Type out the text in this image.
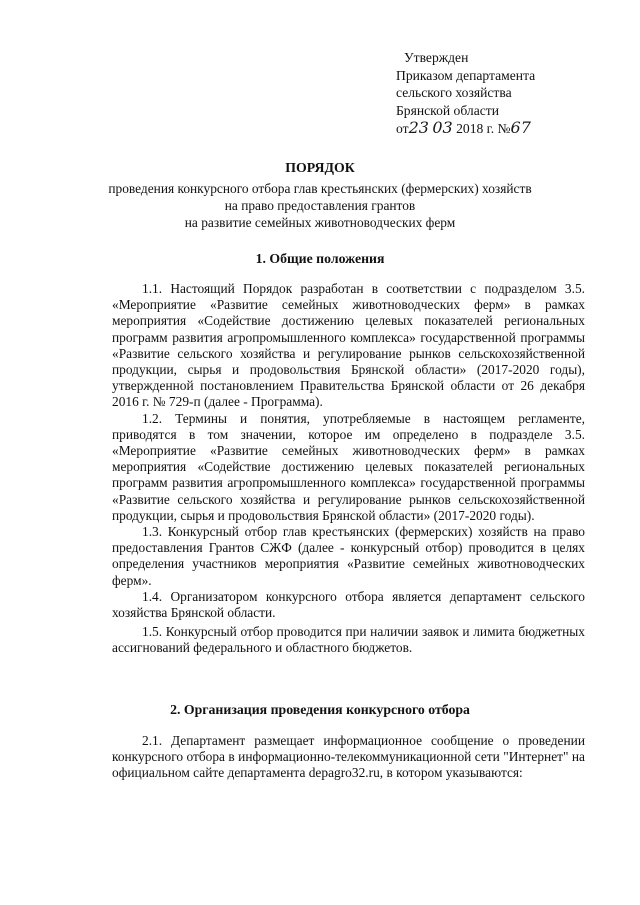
Утвержден
Приказом департамента
сельского хозяйства
Брянской области
от23 03 2018 г. №67
ПОРЯДОК
проведения конкурсного отбора глав крестьянских (фермерских) хозяйств
на право предоставления грантов
на развитие семейных животноводческих ферм
1. Общие положения

1.1. Настоящий Порядок разработан в соответствии с подразделом 3.5. «Мероприятие «Развитие семейных животноводческих ферм» в рамках мероприятия «Содействие достижению целевых показателей региональных программ развития агропромышленного комплекса» государственной программы «Развитие сельского хозяйства и регулирование рынков сельскохозяйственной продукции, сырья и продовольствия Брянской области» (2017-2020 годы), утвержденной постановлением Правительства Брянской области от 26 декабря 2016 г. № 729-п (далее - Программа).

1.2. Термины и понятия, употребляемые в настоящем регламенте, приводятся в том значении, которое им определено в подразделе 3.5. «Мероприятие «Развитие семейных животноводческих ферм» в рамках мероприятия «Содействие достижению целевых показателей региональных программ развития агропромышленного комплекса» государственной программы «Развитие сельского хозяйства и регулирование рынков сельскохозяйственной продукции, сырья и продовольствия Брянской области» (2017-2020 годы).

1.3. Конкурсный отбор глав крестьянских (фермерских) хозяйств на право предоставления Грантов СЖФ (далее - конкурсный отбор) проводится в целях определения участников мероприятия «Развитие семейных животноводческих ферм».

1.4. Организатором конкурсного отбора является департамент сельского хозяйства Брянской области.

1.5. Конкурсный отбор проводится при наличии заявок и лимита бюджетных ассигнований федерального и областного бюджетов.

2. Организация проведения конкурсного отбора

2.1. Департамент размещает информационное сообщение о проведении конкурсного отбора в информационно-телекоммуникационной сети "Интернет" на официальном сайте департамента depagro32.ru, в котором указываются:
